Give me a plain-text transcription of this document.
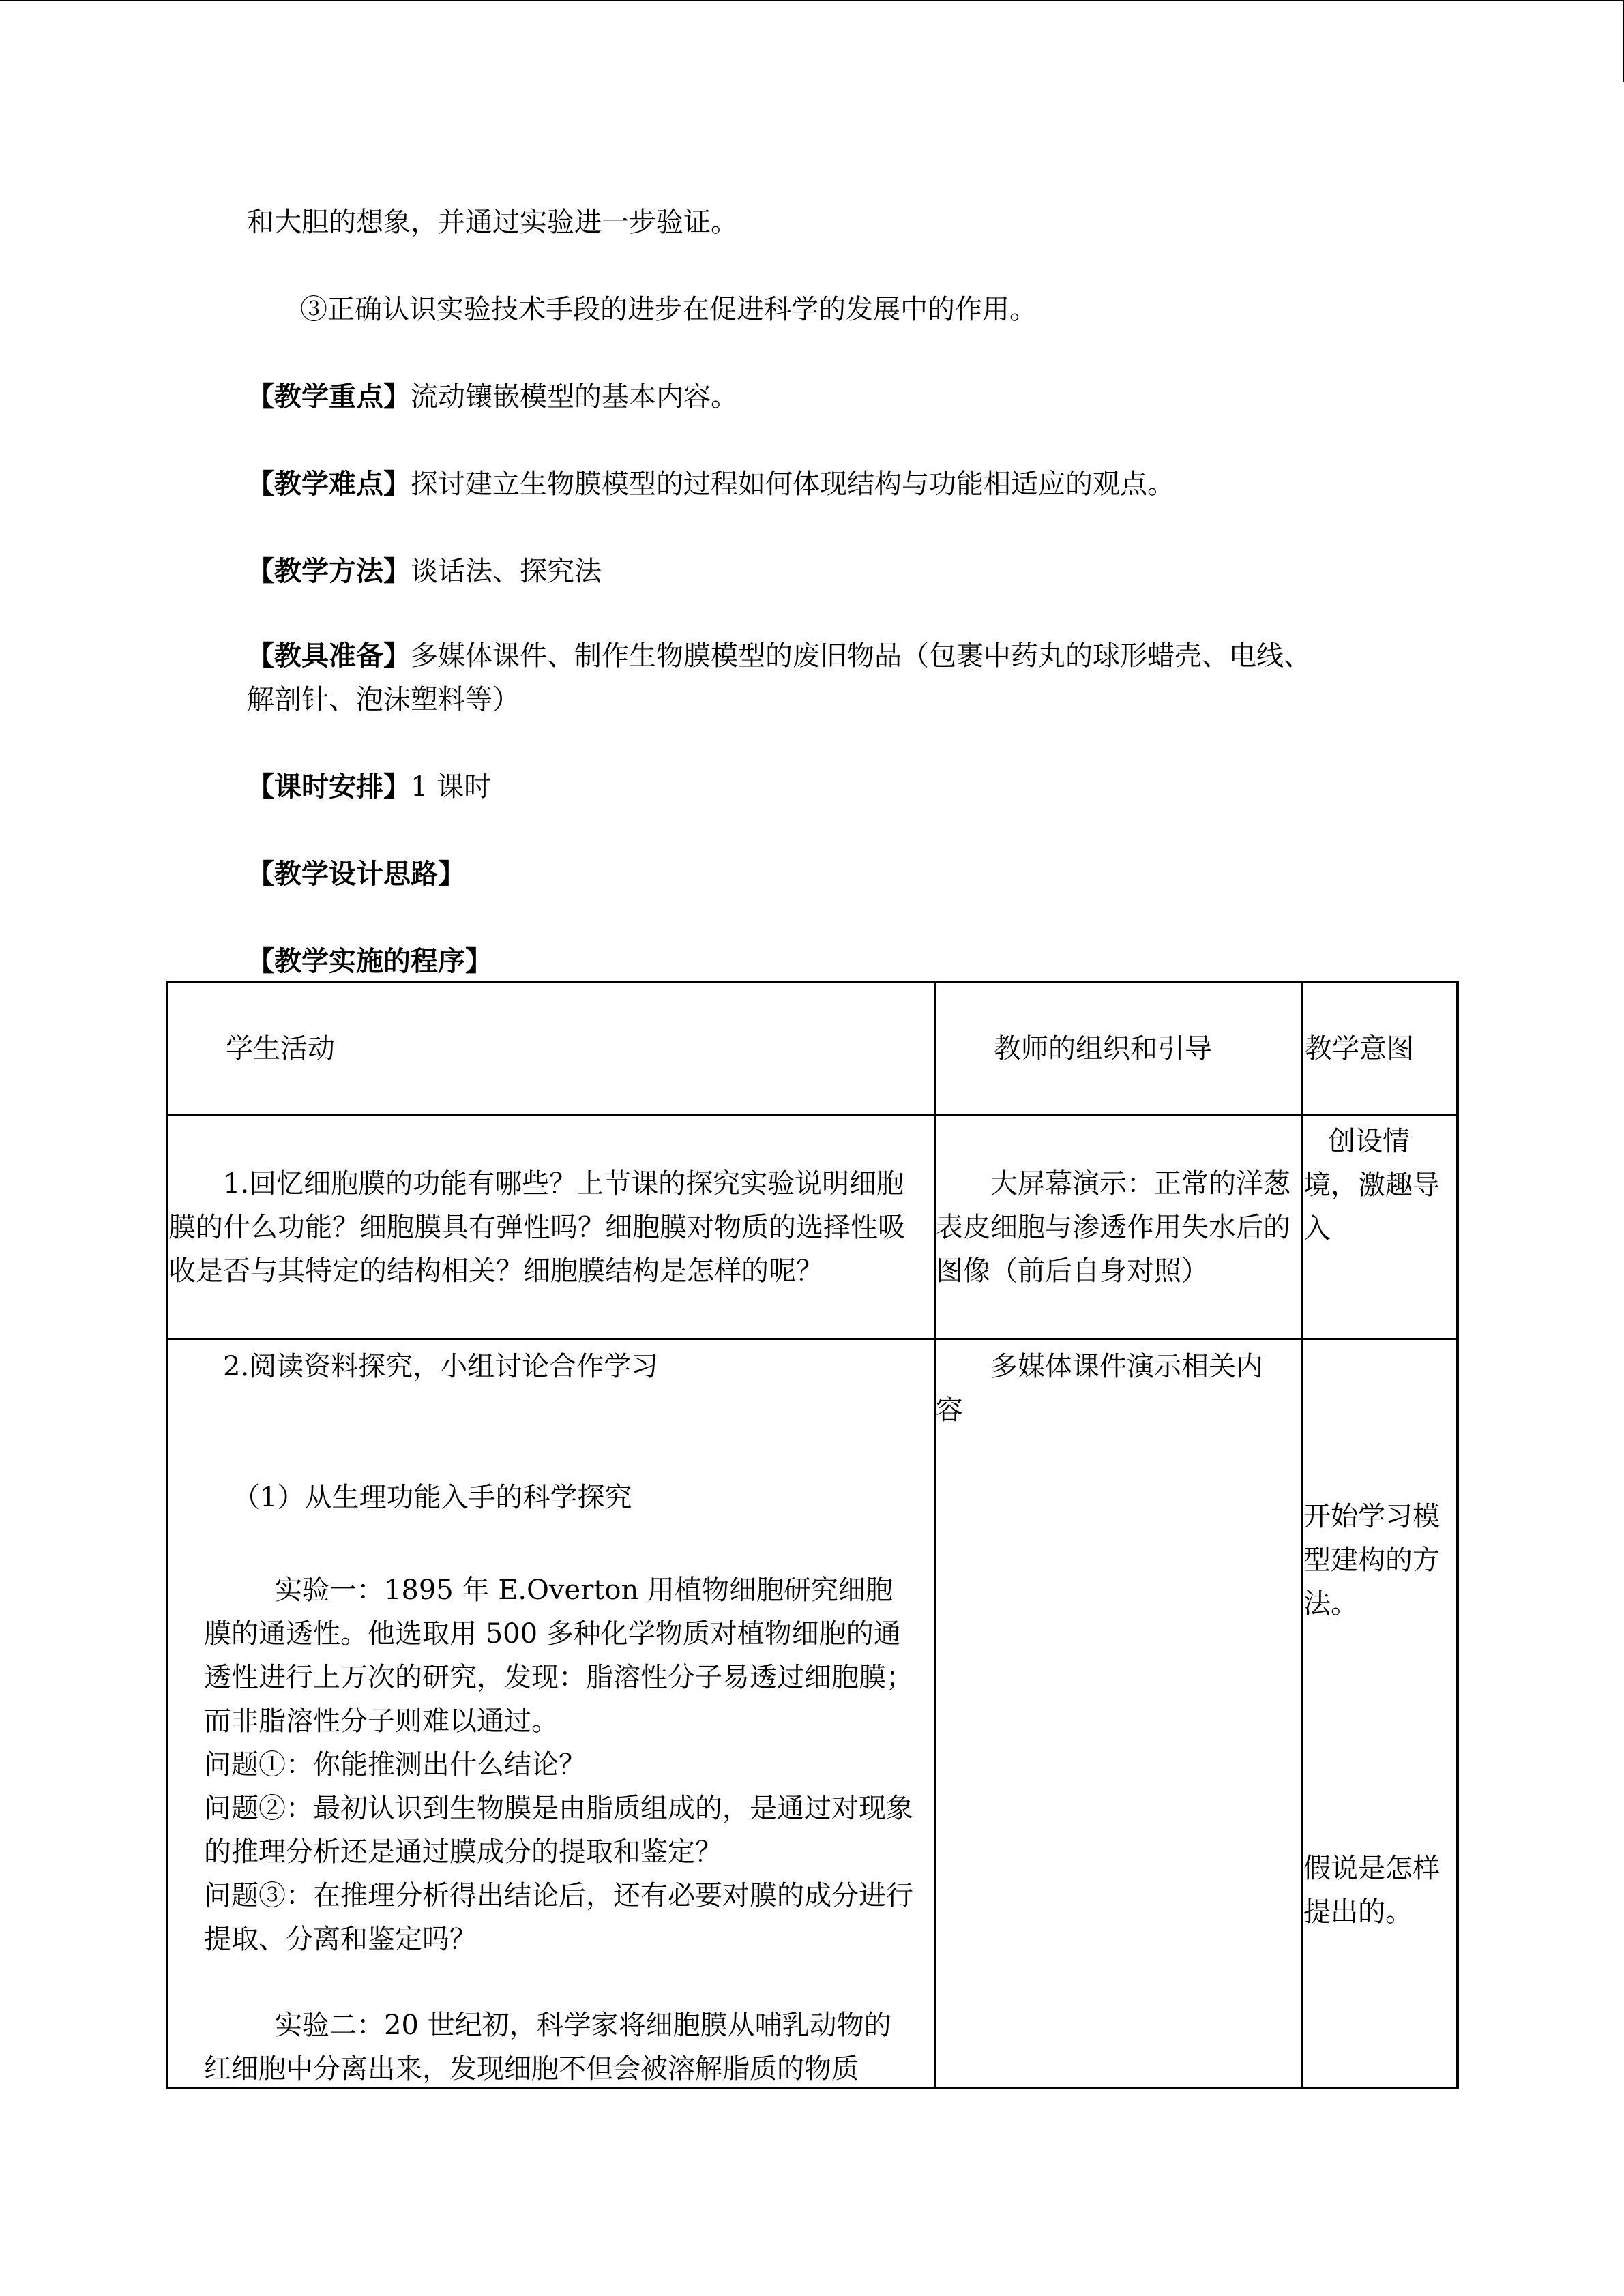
和大胆的想象，并通过实验进一步验证。
③正确认识实验技术手段的进步在促进科学的发展中的作用。
【教学重点】流动镶嵌模型的基本内容。
【教学难点】探讨建立生物膜模型的过程如何体现结构与功能相适应的观点。
【教学方法】谈话法、探究法
【教具准备】多媒体课件、制作生物膜模型的废旧物品（包裹中药丸的球形蜡壳、电线、
解剖针、泡沫塑料等）
【课时安排】1 课时
【教学设计思路】
【教学实施的程序】
学生活动	教师的组织和引导	教学意图
1.回忆细胞膜的功能有哪些？上节课的探究实验说明细胞膜的什么功能？细胞膜具有弹性吗？细胞膜对物质的选择性吸收是否与其特定的结构相关？细胞膜结构是怎样的呢？
大屏幕演示：正常的洋葱表皮细胞与渗透作用失水后的图像（前后自身对照）
创设情境，激趣导入
2.阅读资料探究，小组讨论合作学习
（1）从生理功能入手的科学探究
实验一：1895 年 E.Overton 用植物细胞研究细胞膜的通透性。他选取用 500 多种化学物质对植物细胞的通透性进行上万次的研究，发现：脂溶性分子易透过细胞膜；而非脂溶性分子则难以通过。
问题①：你能推测出什么结论？
问题②：最初认识到生物膜是由脂质组成的，是通过对现象的推理分析还是通过膜成分的提取和鉴定？
问题③：在推理分析得出结论后，还有必要对膜的成分进行提取、分离和鉴定吗？
实验二：20 世纪初，科学家将细胞膜从哺乳动物的红细胞中分离出来，发现细胞不但会被溶解脂质的物质
多媒体课件演示相关内容
开始学习模型建构的方法。
假说是怎样提出的。
